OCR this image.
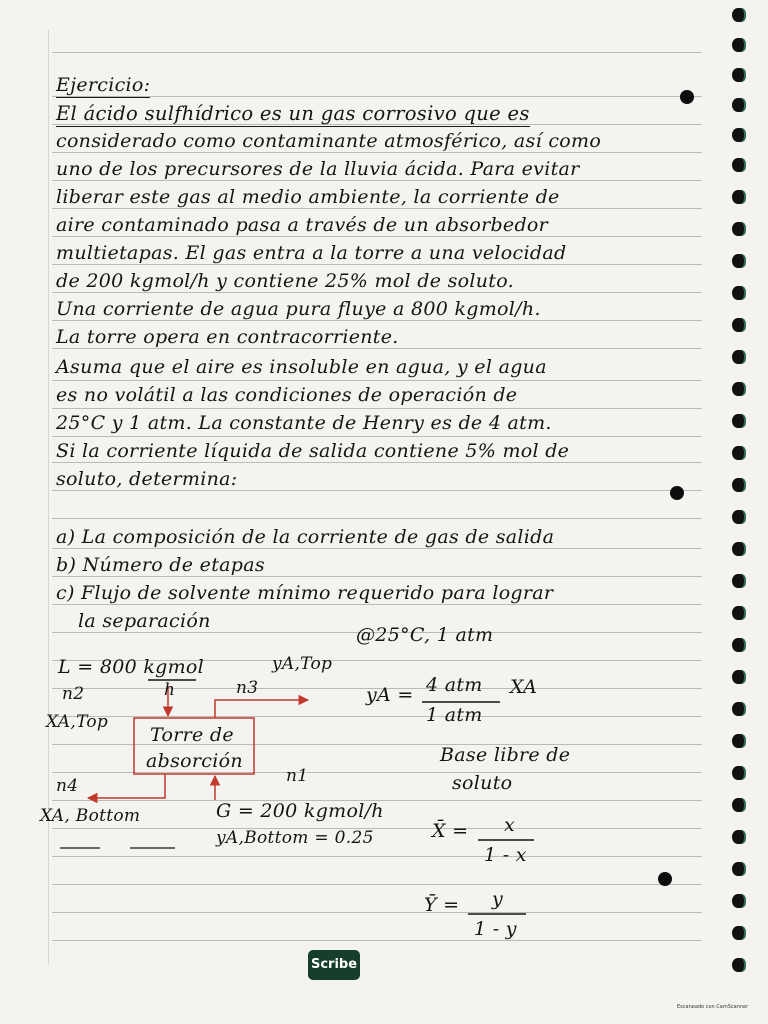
Ejercicio:
El ácido sulfhídrico es un gas corrosivo que es
considerado como contaminante atmosférico, así como
uno de los precursores de la lluvia ácida. Para evitar
liberar este gas al medio ambiente, la corriente de
aire contaminado pasa a través de un absorbedor
multietapas. El gas entra a la torre a una velocidad
de 200 kgmol/h y contiene 25% mol de soluto.
Una corriente de agua pura fluye a 800 kgmol/h.
La torre opera en contracorriente.
Asuma que el aire es insoluble en agua, y el agua
es no volátil a las condiciones de operación de
25°C y 1 atm. La constante de Henry es de 4 atm.
Si la corriente líquida de salida contiene 5% mol de
soluto, determina:
a) La composición de la corriente de gas de salida
b) Número de etapas
c) Flujo de solvente mínimo requerido para lograr
la separación
@25°C, 1 atm
L = 800 kgmol
h
n2	n3
yA,Top
XA,Top
Torre de
absorción
n4	n1
XA, Bottom	G = 200 kgmol/h
yA,Bottom = 0.25
yA = 4 atm
1 atm
XA
Base libre de
soluto
X̄ = x
1 - x
Ȳ = y
1 - y
Scribe
Escaneado con CamScanner
